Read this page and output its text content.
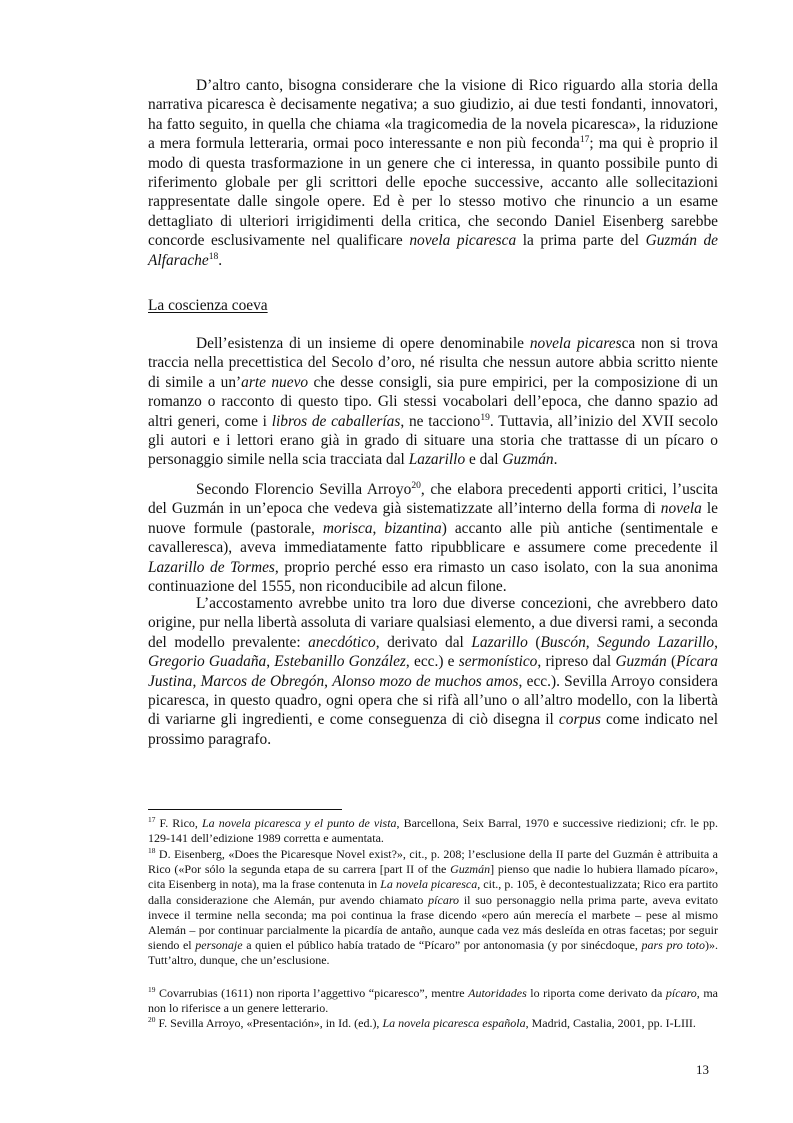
D’altro canto, bisogna considerare che la visione di Rico riguardo alla storia della narrativa picaresca è decisamente negativa; a suo giudizio, ai due testi fondanti, innovatori, ha fatto seguito, in quella che chiama «la tragicomedia de la novela picaresca», la riduzione a mera formula letteraria, ormai poco interessante e non più feconda$^{17}$; ma qui è proprio il modo di questa trasformazione in un genere che ci interessa, in quanto possibile punto di riferimento globale per gli scrittori delle epoche successive, accanto alle sollecitazioni rappresentate dalle singole opere. Ed è per lo stesso motivo che rinuncio a un esame dettagliato di ulteriori irrigidimenti della critica, che secondo Daniel Eisenberg sarebbe concorde esclusivamente nel qualificare novela picaresca la prima parte del Guzmán de Alfarache$^{18}$.

La coscienza coeva

Dell’esistenza di un insieme di opere denominabile novela picaresca non si trova traccia nella precettistica del Secolo d’oro, né risulta che nessun autore abbia scritto niente di simile a un’arte nuevo che desse consigli, sia pure empirici, per la composizione di un romanzo o racconto di questo tipo. Gli stessi vocabolari dell’epoca, che danno spazio ad altri generi, come i libros de caballerías, ne tacciono$^{19}$. Tuttavia, all’inizio del XVII secolo gli autori e i lettori erano già in grado di situare una storia che trattasse di un pícaro o personaggio simile nella scia tracciata dal Lazarillo e dal Guzmán.

Secondo Florencio Sevilla Arroyo$^{20}$, che elabora precedenti apporti critici, l’uscita del Guzmán in un’epoca che vedeva già sistematizzate all’interno della forma di novela le nuove formule (pastorale, morisca, bizantina) accanto alle più antiche (sentimentale e cavalleresca), aveva immediatamente fatto ripubblicare e assumere come precedente il Lazarillo de Tormes, proprio perché esso era rimasto un caso isolato, con la sua anonima continuazione del 1555, non riconducibile ad alcun filone.

L’accostamento avrebbe unito tra loro due diverse concezioni, che avrebbero dato origine, pur nella libertà assoluta di variare qualsiasi elemento, a due diversi rami, a seconda del modello prevalente: anecdótico, derivato dal Lazarillo (Buscón, Segundo Lazarillo, Gregorio Guadaña, Estebanillo González, ecc.) e sermonístico, ripreso dal Guzmán (Pícara Justina, Marcos de Obregón, Alonso mozo de muchos amos, ecc.). Sevilla Arroyo considera picaresca, in questo quadro, ogni opera che si rifà all’uno o all’altro modello, con la libertà di variarne gli ingredienti, e come conseguenza di ciò disegna il corpus come indicato nel prossimo paragrafo.

$^{17}$ F. Rico, La novela picaresca y el punto de vista, Barcellona, Seix Barral, 1970 e successive riedizioni; cfr. le pp. 129-141 dell’edizione 1989 corretta e aumentata.

$^{18}$ D. Eisenberg, «Does the Picaresque Novel exist?», cit., p. 208; l’esclusione della II parte del Guzmán è attribuita a Rico («Por sólo la segunda etapa de su carrera [part II of the Guzmán] pienso que nadie lo hubiera llamado pícaro», cita Eisenberg in nota), ma la frase contenuta in La novela picaresca, cit., p. 105, è decontestualizzata; Rico era partito dalla considerazione che Alemán, pur avendo chiamato pícaro il suo personaggio nella prima parte, aveva evitato invece il termine nella seconda; ma poi continua la frase dicendo «pero aún merecía el marbete – pese al mismo Alemán – por continuar parcialmente la picardía de antaño, aunque cada vez más desleída en otras facetas; por seguir siendo el personaje a quien el público había tratado de “Pícaro” por antonomasia (y por sinécdoque, pars pro toto)». Tutt’altro, dunque, che un’esclusione.

$^{19}$ Covarrubias (1611) non riporta l’aggettivo “picaresco”, mentre Autoridades lo riporta come derivato da pícaro, ma non lo riferisce a un genere letterario.

$^{20}$ F. Sevilla Arroyo, «Presentación», in Id. (ed.), La novela picaresca española, Madrid, Castalia, 2001, pp. I-LIII.

13
